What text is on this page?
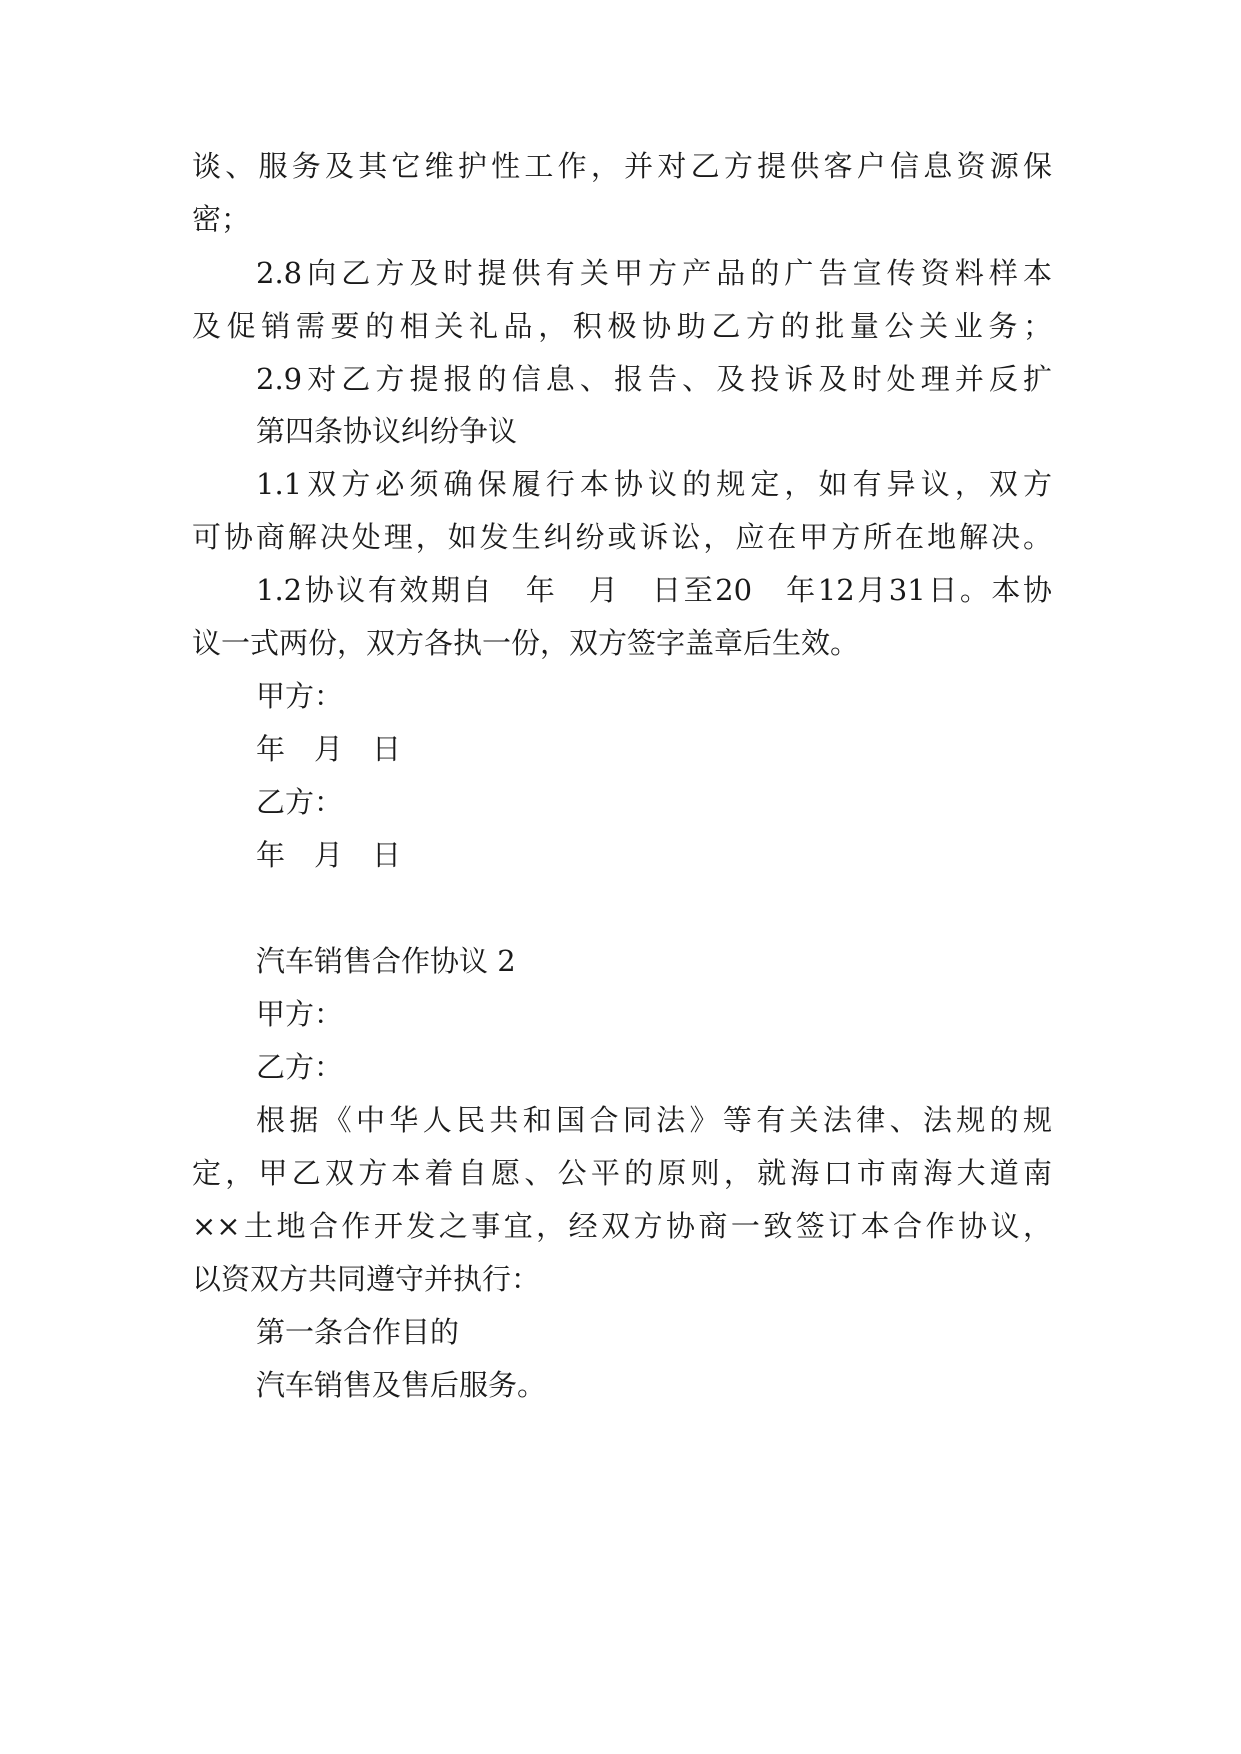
谈、服务及其它维护性工作，并对乙方提供客户信息资源保
密；
2.8向乙方及时提供有关甲方产品的广告宣传资料样本
及促销需要的相关礼品，积极协助乙方的批量公关业务；
2.9对乙方提报的信息、报告、及投诉及时处理并反扩
第四条协议纠纷争议
1.1双方必须确保履行本协议的规定，如有异议，双方
可协商解决处理，如发生纠纷或诉讼，应在甲方所在地解决。
1.2协议有效期自　年　月　日至20　年12月31日。本协
议一式两份，双方各执一份，双方签字盖章后生效。
甲方：
年　月　日
乙方：
年　月　日
汽车销售合作协议 2
甲方：
乙方：
根据《中华人民共和国合同法》等有关法律、法规的规
定，甲乙双方本着自愿、公平的原则，就海口市南海大道南
××土地合作开发之事宜，经双方协商一致签订本合作协议，
以资双方共同遵守并执行：
第一条合作目的
汽车销售及售后服务。
